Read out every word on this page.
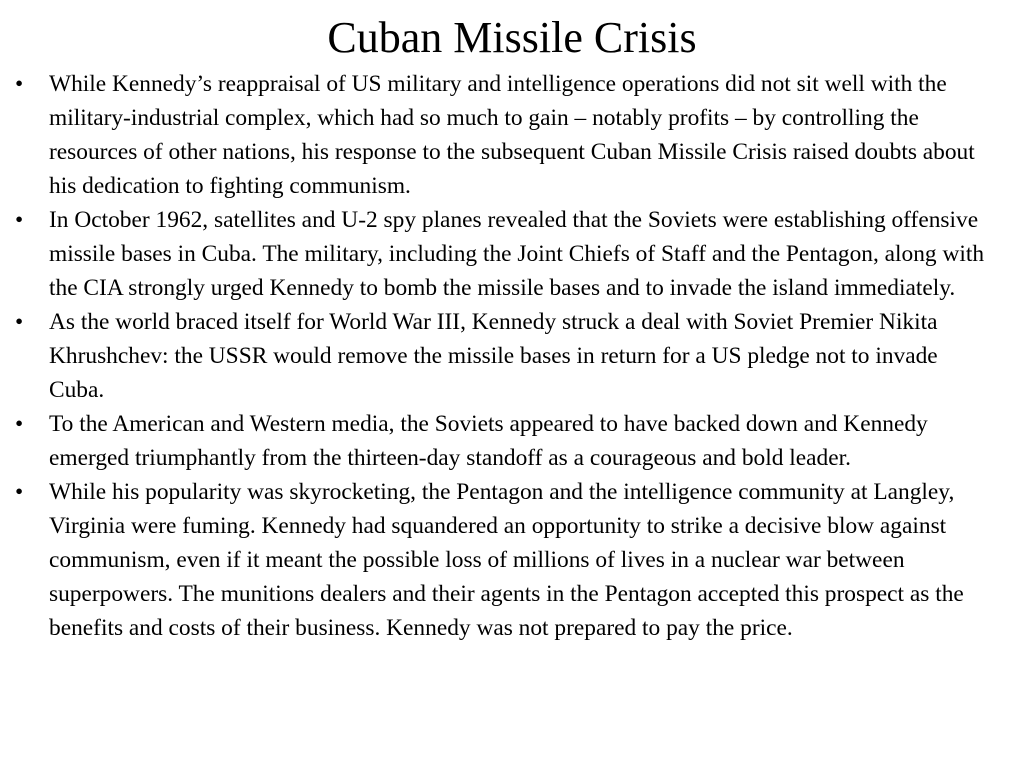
Cuban Missile Crisis
• While Kennedy’s reappraisal of US military and intelligence operations did not sit well with the military-industrial complex, which had so much to gain – notably profits – by controlling the resources of other nations, his response to the subsequent Cuban Missile Crisis raised doubts about his dedication to fighting communism.
• In October 1962, satellites and U-2 spy planes revealed that the Soviets were establishing offensive missile bases in Cuba. The military, including the Joint Chiefs of Staff and the Pentagon, along with the CIA strongly urged Kennedy to bomb the missile bases and to invade the island immediately.
• As the world braced itself for World War III, Kennedy struck a deal with Soviet Premier Nikita Khrushchev: the USSR would remove the missile bases in return for a US pledge not to invade Cuba.
• To the American and Western media, the Soviets appeared to have backed down and Kennedy emerged triumphantly from the thirteen-day standoff as a courageous and bold leader.
• While his popularity was skyrocketing, the Pentagon and the intelligence community at Langley, Virginia were fuming. Kennedy had squandered an opportunity to strike a decisive blow against communism, even if it meant the possible loss of millions of lives in a nuclear war between superpowers. The munitions dealers and their agents in the Pentagon accepted this prospect as the benefits and costs of their business. Kennedy was not prepared to pay the price.
